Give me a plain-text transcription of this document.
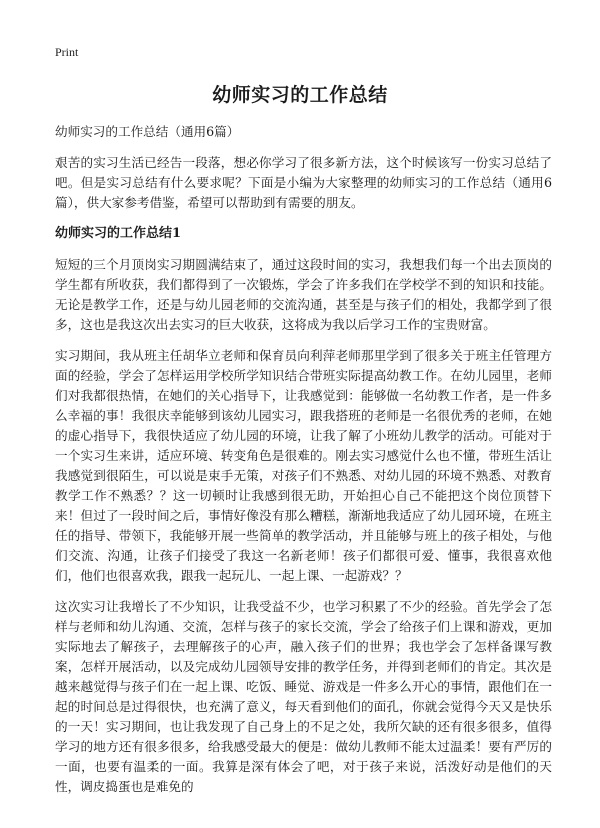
Print
幼师实习的工作总结

幼师实习的工作总结（通用6篇）

艰苦的实习生活已经告一段落，想必你学习了很多新方法，这个时候该写一份实习总结了吧。但是实习总结有什么要求呢？下面是小编为大家整理的幼师实习的工作总结（通用6篇），供大家参考借鉴，希望可以帮助到有需要的朋友。

幼师实习的工作总结1

短短的三个月顶岗实习期圆满结束了，通过这段时间的实习，我想我们每一个出去顶岗的学生都有所收获，我们都得到了一次锻炼，学会了许多我们在学校学不到的知识和技能。无论是教学工作，还是与幼儿园老师的交流沟通，甚至是与孩子们的相处，我都学到了很多，这也是我这次出去实习的巨大收获，这将成为我以后学习工作的宝贵财富。

实习期间，我从班主任胡华立老师和保育员向利萍老师那里学到了很多关于班主任管理方面的经验，学会了怎样运用学校所学知识结合带班实际提高幼教工作。在幼儿园里，老师们对我都很热情，在她们的关心指导下，让我感觉到：能够做一名幼教工作者，是一件多么幸福的事！我很庆幸能够到该幼儿园实习，跟我搭班的老师是一名很优秀的老师，在她的虚心指导下，我很快适应了幼儿园的环境，让我了解了小班幼儿教学的活动。可能对于一个实习生来讲，适应环境、转变角色是很难的。刚去实习感觉什么也不懂，带班生活让我感觉到很陌生，可以说是束手无策，对孩子们不熟悉、对幼儿园的环境不熟悉、对教育教学工作不熟悉？？这一切顿时让我感到很无助，开始担心自己不能把这个岗位顶替下来！但过了一段时间之后，事情好像没有那么糟糕，渐渐地我适应了幼儿园环境，在班主任的指导、带领下，我能够开展一些简单的教学活动，并且能够与班上的孩子相处，与他们交流、沟通，让孩子们接受了我这一名新老师！孩子们都很可爱、懂事，我很喜欢他们，他们也很喜欢我，跟我一起玩儿、一起上课、一起游戏？？

这次实习让我增长了不少知识，让我受益不少，也学习积累了不少的经验。首先学会了怎样与老师和幼儿沟通、交流，怎样与孩子的家长交流，学会了给孩子们上课和游戏，更加实际地去了解孩子，去理解孩子的心声，融入孩子们的世界；我也学会了怎样备课写教案，怎样开展活动，以及完成幼儿园领导安排的教学任务，并得到老师们的肯定。其次是越来越觉得与孩子们在一起上课、吃饭、睡觉、游戏是一件多么开心的事情，跟他们在一起的时间总是过得很快，也充满了意义，每天看到他们的面孔，你就会觉得今天又是快乐的一天！实习期间，也让我发现了自己身上的不足之处，我所欠缺的还有很多很多，值得学习的地方还有很多很多，给我感受最大的便是：做幼儿教师不能太过温柔！要有严厉的一面，也要有温柔的一面。我算是深有体会了吧，对于孩子来说，活泼好动是他们的天性，调皮捣蛋也是难免的
